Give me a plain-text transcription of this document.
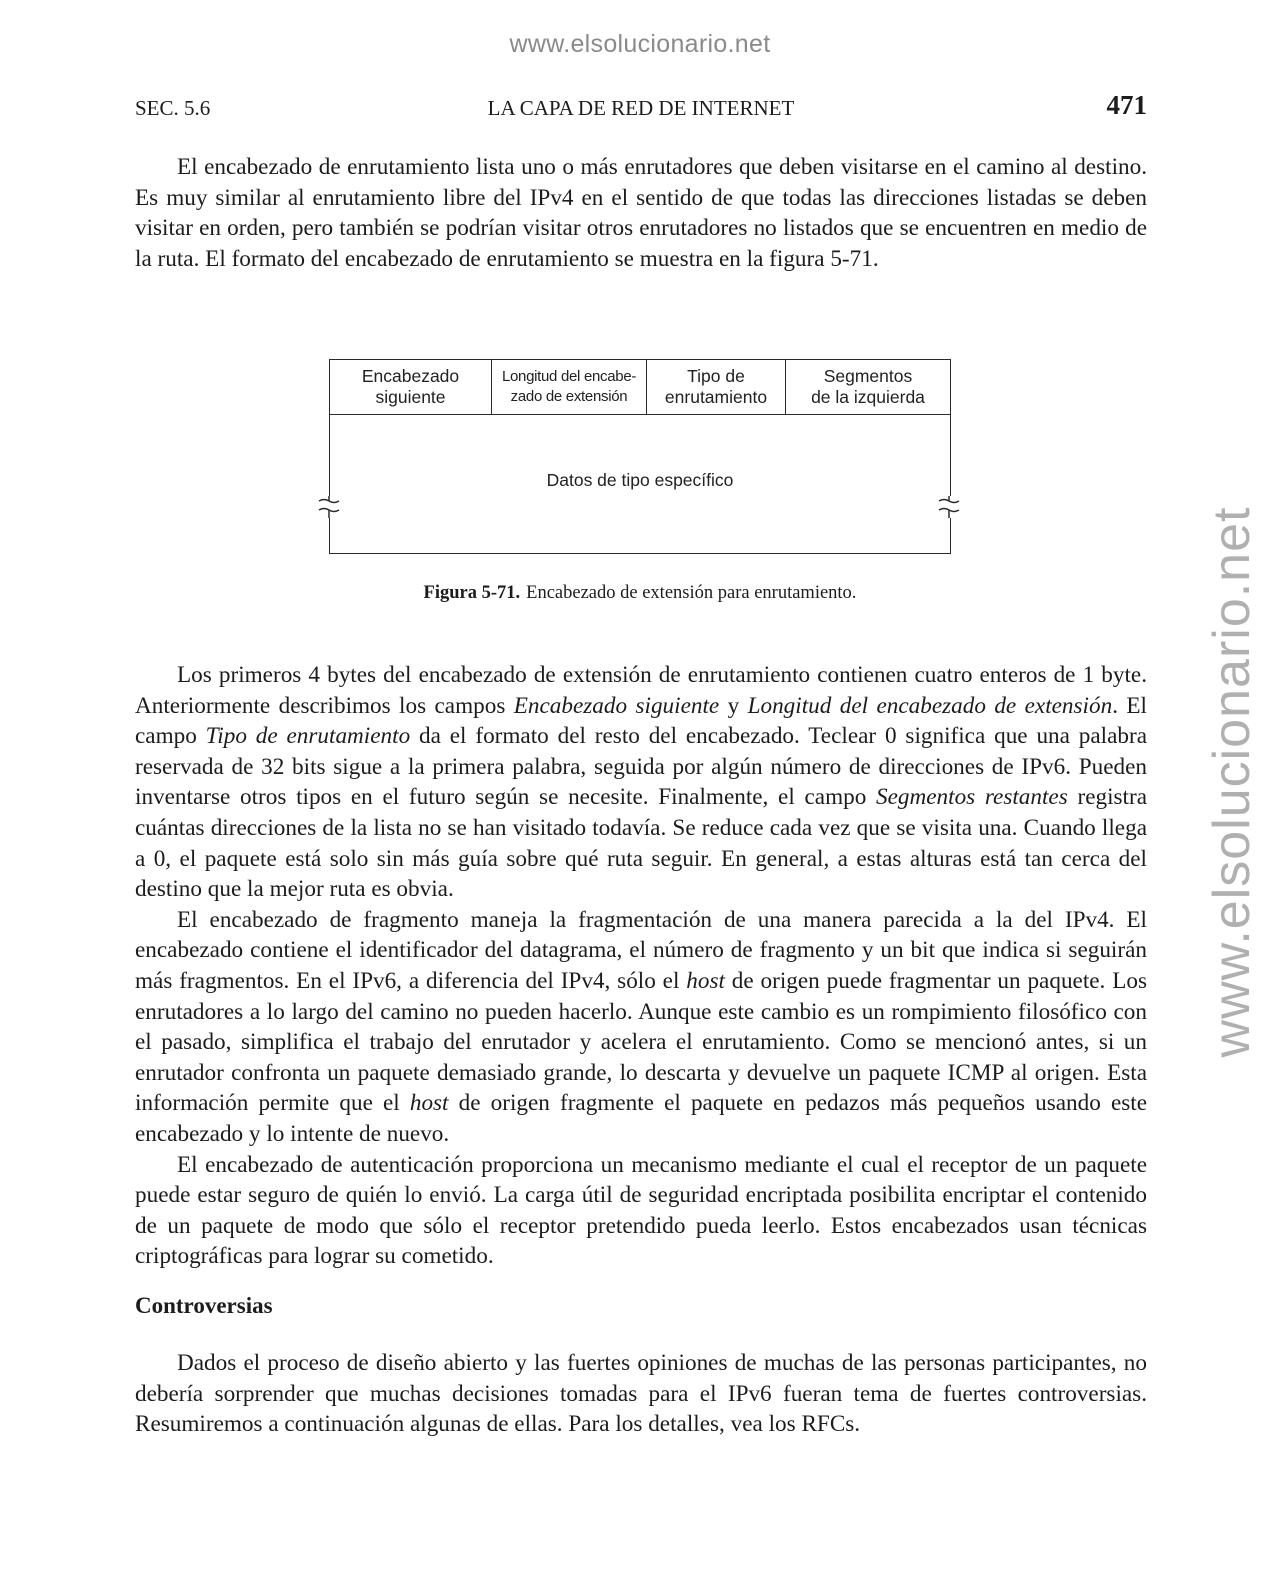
www.elsolucionario.net
www.elsolucionario.net
SEC. 5.6	LA CAPA DE RED DE INTERNET	471

El encabezado de enrutamiento lista uno o más enrutadores que deben visitarse en el camino al destino. Es muy similar al enrutamiento libre del IPv4 en el sentido de que todas las direcciones listadas se deben visitar en orden, pero también se podrían visitar otros enrutadores no listados que se encuentren en medio de la ruta. El formato del encabezado de enrutamiento se muestra en la figura 5-71.

Encabezado
siguiente
Longitud del encabe-
zado de extensión
Tipo de
enrutamiento
Segmentos
de la izquierda
Datos de tipo específico
Figura 5-71. Encabezado de extensión para enrutamiento.

Los primeros 4 bytes del encabezado de extensión de enrutamiento contienen cuatro enteros de 1 byte. Anteriormente describimos los campos Encabezado siguiente y Longitud del encabezado de extensión. El campo Tipo de enrutamiento da el formato del resto del encabezado. Teclear 0 significa que una palabra reservada de 32 bits sigue a la primera palabra, seguida por algún número de direcciones de IPv6. Pueden inventarse otros tipos en el futuro según se necesite. Finalmente, el campo Segmentos restantes registra cuántas direcciones de la lista no se han visitado todavía. Se reduce cada vez que se visita una. Cuando llega a 0, el paquete está solo sin más guía sobre qué ruta seguir. En general, a estas alturas está tan cerca del destino que la mejor ruta es obvia.

El encabezado de fragmento maneja la fragmentación de una manera parecida a la del IPv4. El encabezado contiene el identificador del datagrama, el número de fragmento y un bit que indica si seguirán más fragmentos. En el IPv6, a diferencia del IPv4, sólo el host de origen puede fragmentar un paquete. Los enrutadores a lo largo del camino no pueden hacerlo. Aunque este cambio es un rompimiento filosófico con el pasado, simplifica el trabajo del enrutador y acelera el enrutamiento. Como se mencionó antes, si un enrutador confronta un paquete demasiado grande, lo descarta y devuelve un paquete ICMP al origen. Esta información permite que el host de origen fragmente el paquete en pedazos más pequeños usando este encabezado y lo intente de nuevo.

El encabezado de autenticación proporciona un mecanismo mediante el cual el receptor de un paquete puede estar seguro de quién lo envió. La carga útil de seguridad encriptada posibilita encriptar el contenido de un paquete de modo que sólo el receptor pretendido pueda leerlo. Estos encabezados usan técnicas criptográficas para lograr su cometido.

Controversias

Dados el proceso de diseño abierto y las fuertes opiniones de muchas de las personas participantes, no debería sorprender que muchas decisiones tomadas para el IPv6 fueran tema de fuertes controversias. Resumiremos a continuación algunas de ellas. Para los detalles, vea los RFCs.
